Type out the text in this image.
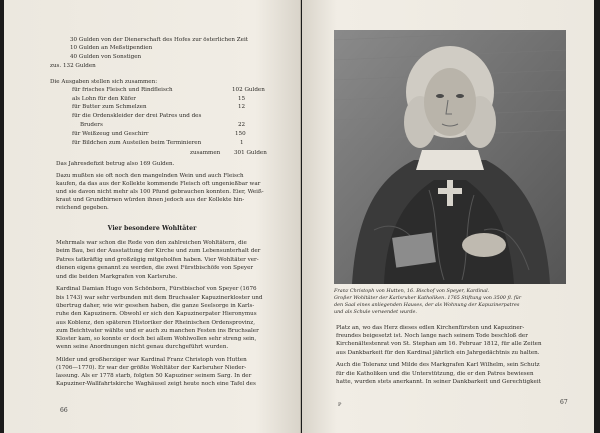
30 Gulden von der Dienerschaft des Hofes zur österlichen Zeit
10 Gulden an Meßstipendien
40 Gulden von Sonstigen
zus. 132 Gulden
Die Ausgaben stellen sich zusammen:
für frisches Fleisch und Rindfleisch	102 Gulden
als Lohn für den Küfer	15
für Butter zum Schmelzen	12
für die Ordenskleider der drei Patres und des
Bruders	22
für Weißzeug und Geschirr	150
für Bildchen zum Austeilen beim Terminieren	1
zusammen 301 Gulden
Das Jahresdefizit betrug also 169 Gulden.
Dazu mußten sie oft noch den mangelnden Wein und auch Fleisch
kaufen, da das aus der Kollekte kommende Fleisch oft ungenießbar war
und sie davon nicht mehr als 100 Pfund gebrauchen konnten. Eier, Weiß-
kraut und Grundbirnen würden ihnen jedoch aus der Kollekte hin-
reichend gegeben.
Vier besondere Wohltäter
Mehrmals war schon die Rede von den zahlreichen Wohltätern, die
beim Bau, bei der Ausstattung der Kirche und zum Lebensunterhalt der
Patres tatkräftig und großzügig mitgeholfen haben. Vier Wohltäter ver-
dienen eigens genannt zu werden, die zwei Fürstbischöfe von Speyer
und die beiden Markgrafen von Karlsruhe.
Kardinal Damian Hugo von Schönborn, Fürstbischof von Speyer (1676
bis 1743) war sehr verbunden mit dem Bruchsaler Kapuzinerkloster und
übertrug daher, wie wir gesehen haben, die ganze Seelsorge in Karls-
ruhe den Kapuzinern. Obwohl er sich den Kapuzinerpater Hieronymus
aus Koblenz, den späteren Historiker der Rheinischen Ordensprovinz,
zum Beichtvater wählte und er auch zu manchen Festen ins Bruchsaler
Kloster kam, so konnte er doch bei allem Wohlwollen sehr streng sein,
wenn seine Anordnungen nicht genau durchgeführt wurden.
Milder und großherziger war Kardinal Franz Christoph von Hutten
(1706—1770). Er war der größte Wohltäter der Karlsruher Nieder-
lassung. Als er 1778 starb, folgten 50 Kapuziner seinem Sarg. In der
Kapuziner-Wallfahrtskirche Waghäusel zeigt heute noch eine Tafel des
66
Franz Christoph von Hutten, 16. Bischof von Speyer, Kardinal.
Großer Wohltäter der Karlsruher Katholiken. 1765 Stiftung von 3500 fl. für
den Saal eines anliegenden Hauses, der als Wohnung der Kapuzinerpatres
und als Schule verwendet wurde.
Platz an, wo das Herz dieses edlen Kirchenfürsten und Kapuziner-
freundes beigesetzt ist. Noch lange nach seinem Tode beschloß der
Kirchenältestenrat von St. Stephan am 16. Februar 1812, für alle Zeiten
aus Dankbarkeit für den Kardinal jährlich ein Jahrgedächtnis zu halten.
Auch die Toleranz und Milde des Markgrafen Karl Wilhelm, sein Schutz
für die Katholiken und die Unterstützung, die er den Patres bewiesen
hatte, wurden stets anerkannt. In seiner Dankbarkeit und Gerechtigkeit
P	67
